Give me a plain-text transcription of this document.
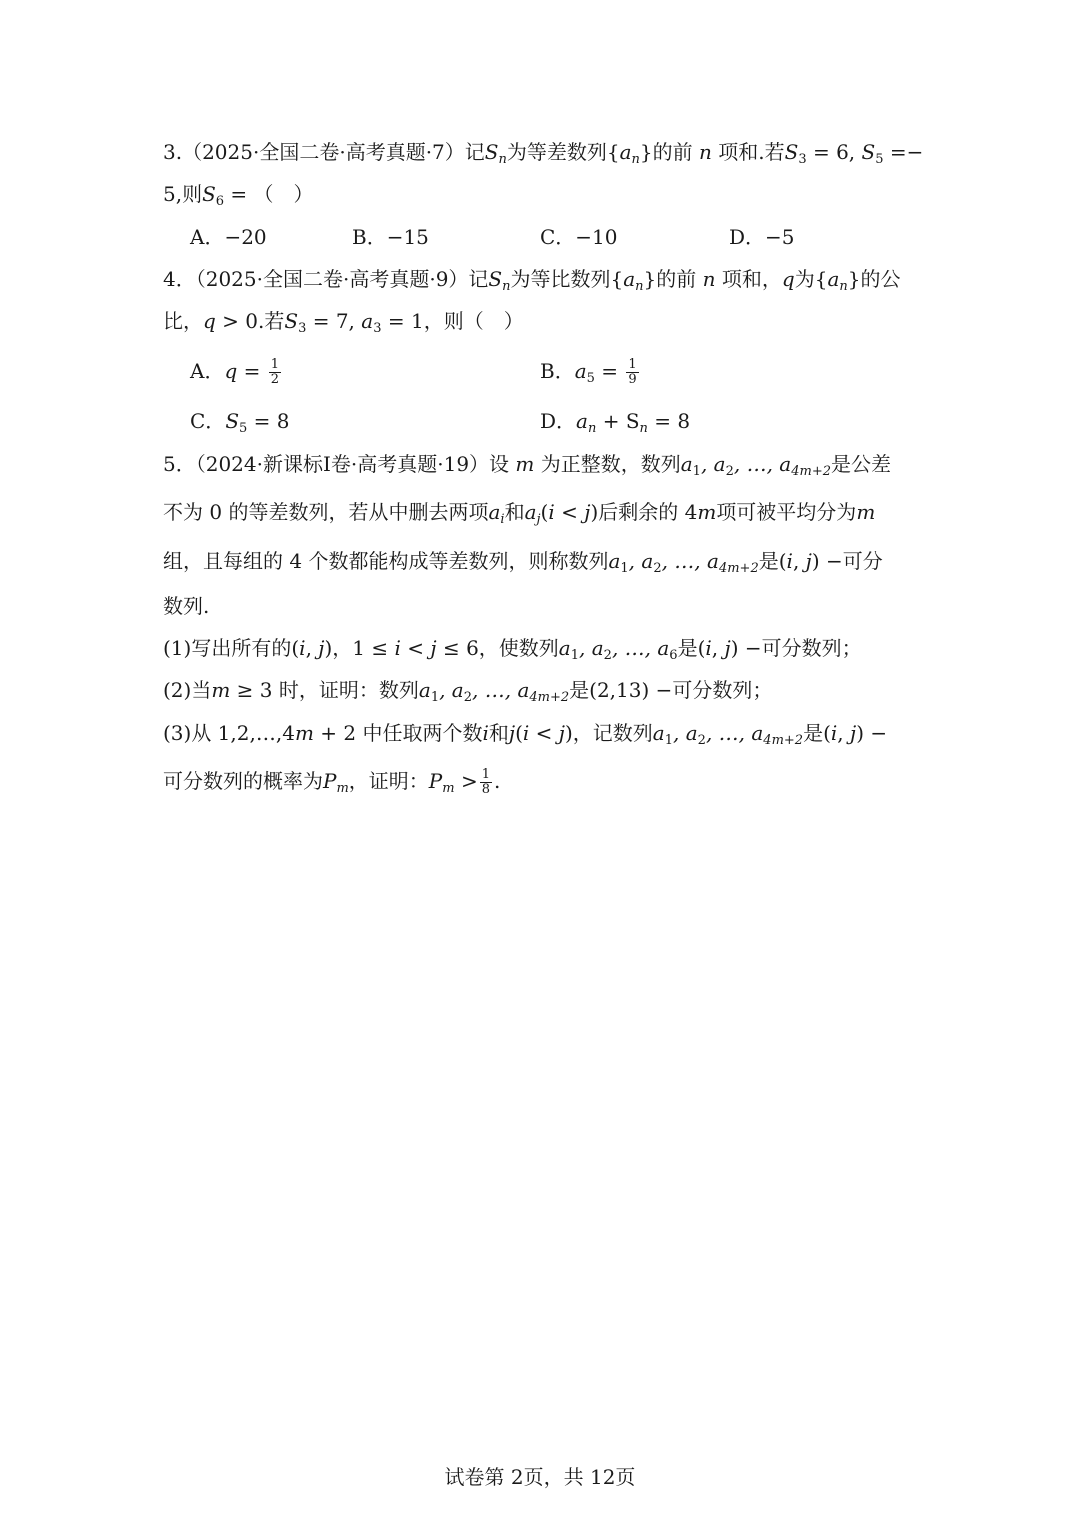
3.（2025·全国二卷·高考真题·7）记$S_n$为等差数列$\{a_n\}$的前 n 项和.若$S_3 = 6$, $S_5$ =−
5,则$S_6$ = （　）
A．−20	B．−15	C．−10	D．−5
4．（2025·全国二卷·高考真题·9）记$S_n$为等比数列$\{a_n\}$的前 n 项和，q为$\{a_n\}$的公
比，q > 0.若$S_3 = 7$, $a_3 = 1$，则（　）
A．$q = \frac{1}{2}$	B．$a_5 = \frac{1}{9}$
C．$S_5 = 8$	D．$a_n + S_n = 8$
5．（2024·新课标Ⅰ卷·高考真题·19）设 m 为正整数，数列$a_1$, $a_2$, …, $a_{4m+2}$是公差
不为 0 的等差数列，若从中删去两项$a_i$和$a_j(i < j)$后剩余的 4m项可被平均分为m
组，且每组的 4 个数都能构成等差数列，则称数列$a_1$, $a_2$, …, $a_{4m+2}$是(i, j) −可分
数列.
(1)写出所有的(i, j)，1 ≤ i < j ≤ 6，使数列$a_1$, $a_2$, …, $a_6$是(i, j) −可分数列；
(2)当m ≥ 3 时，证明：数列$a_1$, $a_2$, …, $a_{4m+2}$是(2,13) −可分数列；
(3)从 1,2,…,4m + 2 中任取两个数i和j(i < j)，记数列$a_1$, $a_2$, …, $a_{4m+2}$是(i, j) −
可分数列的概率为$P_m$，证明：$P_m > \frac{1}{8}$ .
试卷第 2页，共 12页
